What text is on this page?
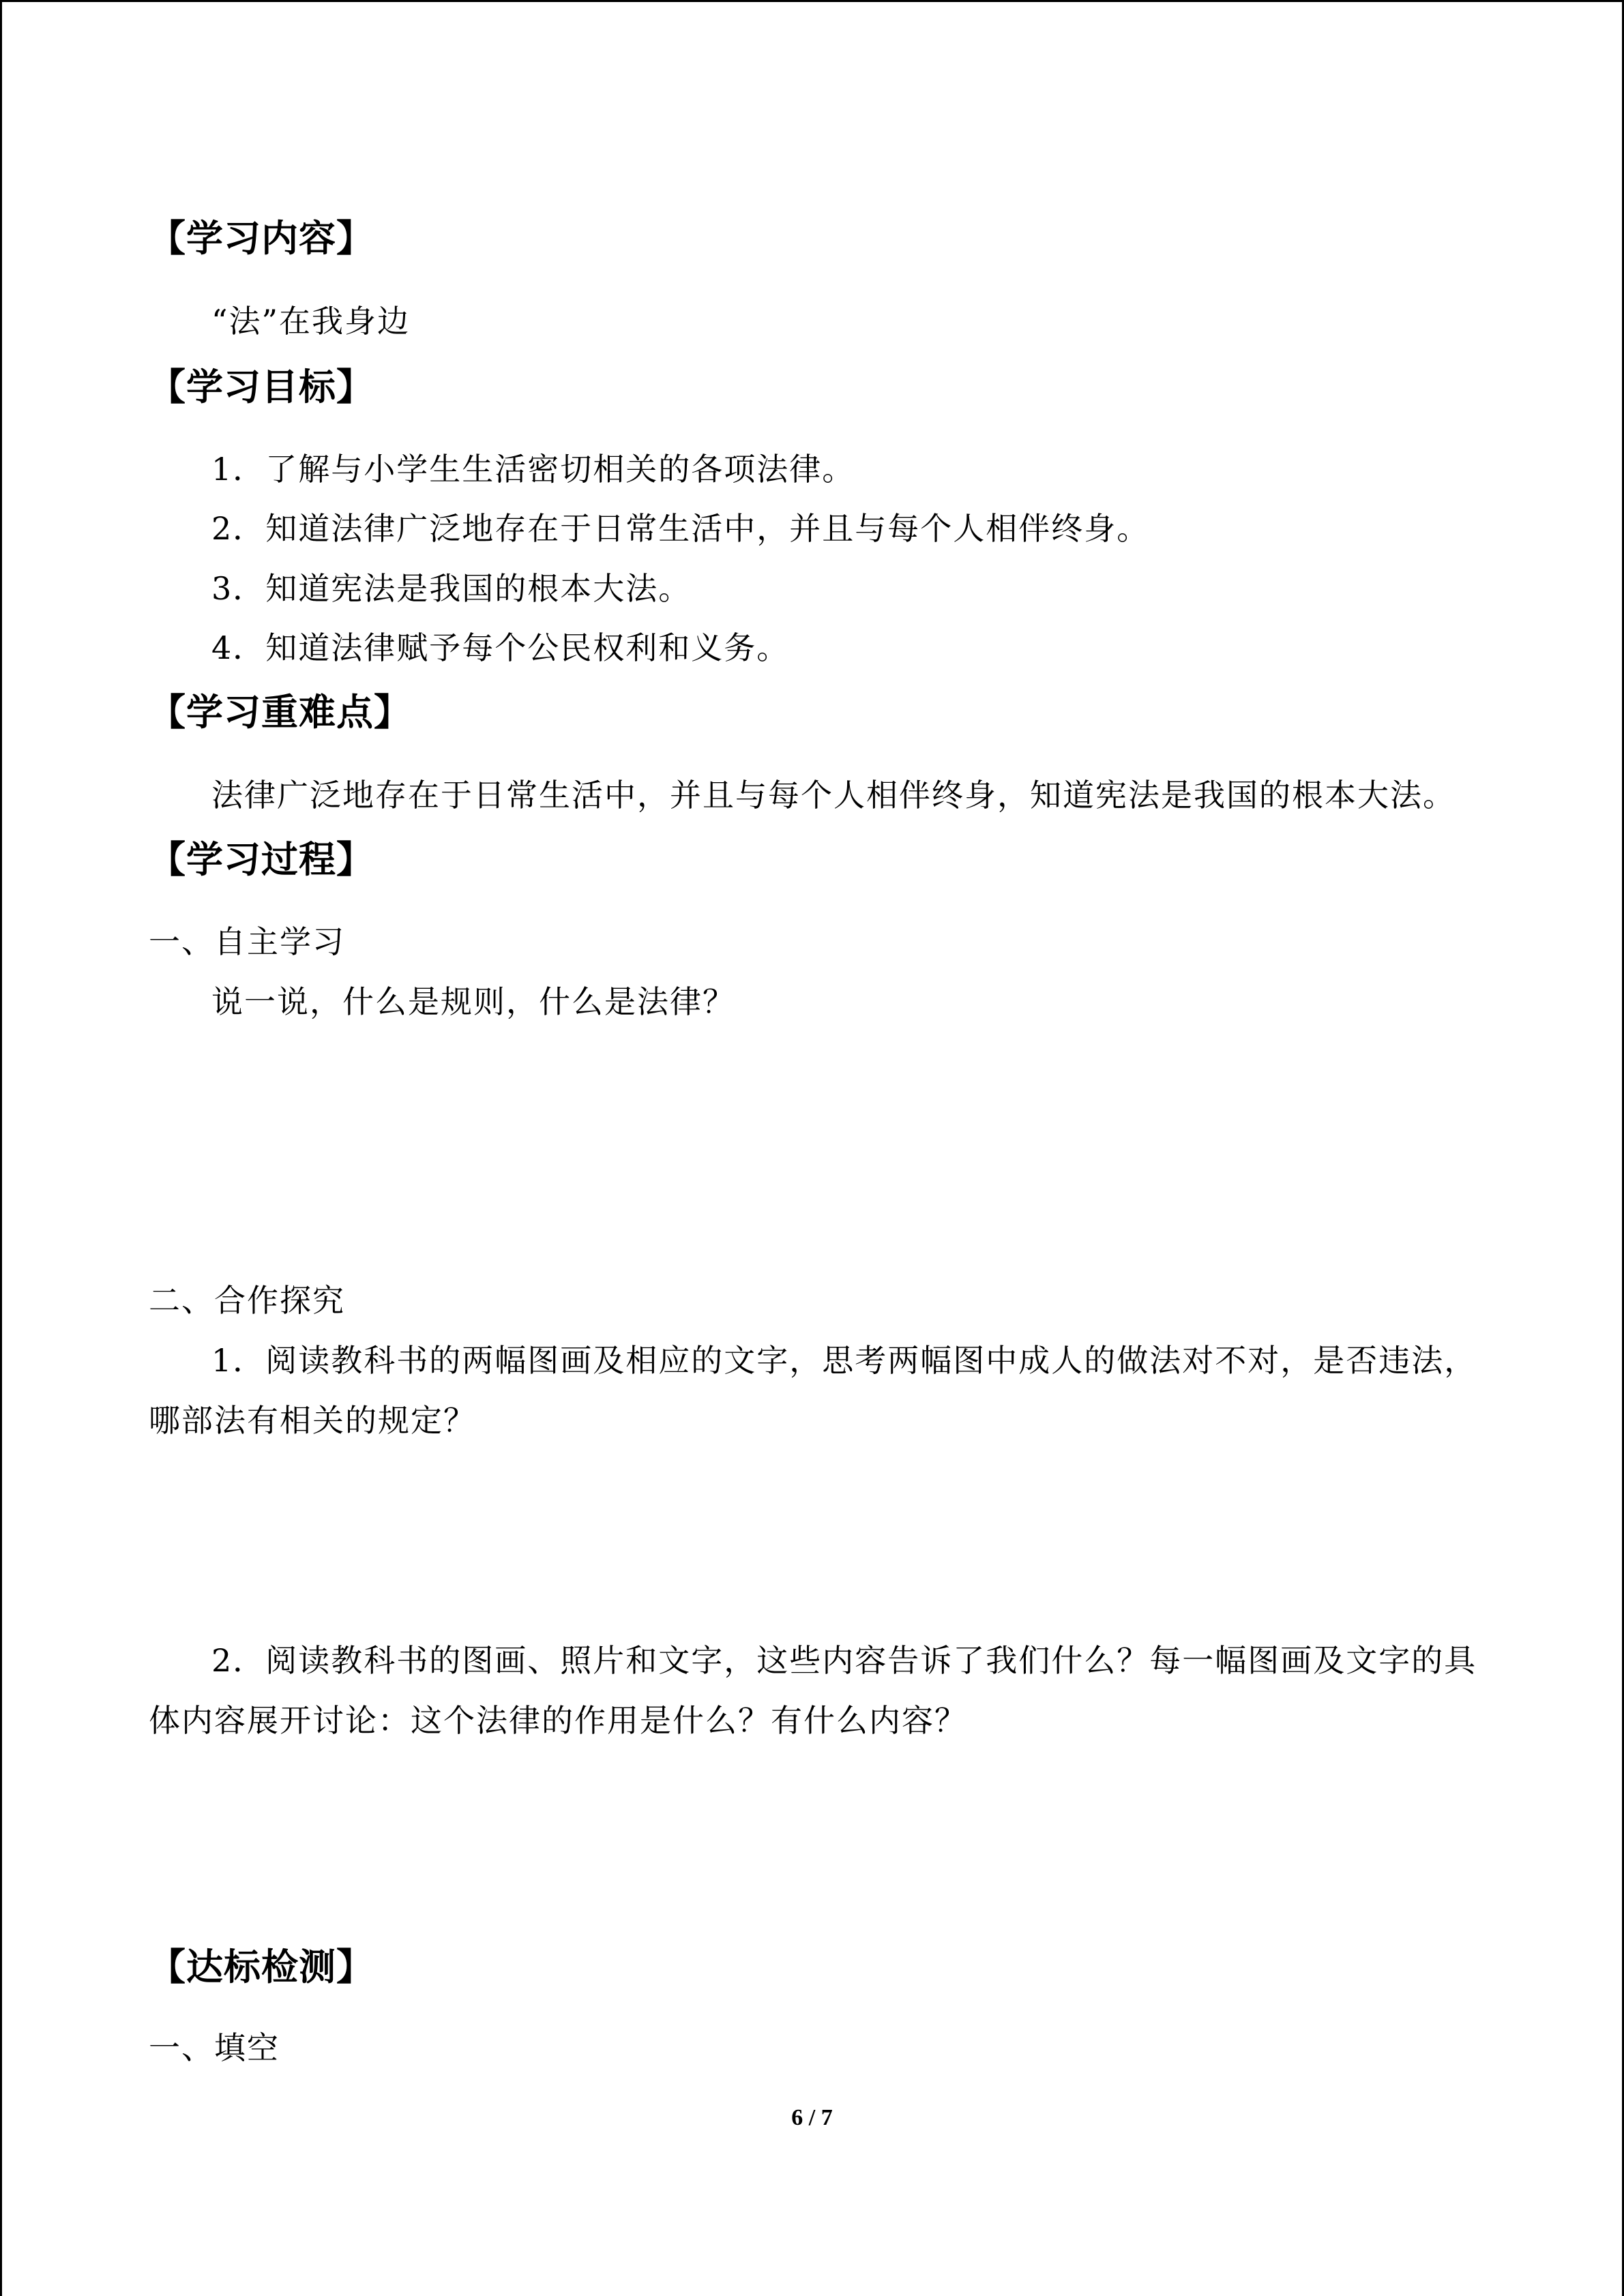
【学习内容】
“法”在我身边
【学习目标】
1．了解与小学生生活密切相关的各项法律。
2．知道法律广泛地存在于日常生活中，并且与每个人相伴终身。
3．知道宪法是我国的根本大法。
4．知道法律赋予每个公民权利和义务。
【学习重难点】
法律广泛地存在于日常生活中，并且与每个人相伴终身，知道宪法是我国的根本大法。
【学习过程】
一、自主学习
说一说，什么是规则，什么是法律？
二、合作探究
1．阅读教科书的两幅图画及相应的文字，思考两幅图中成人的做法对不对，是否违法，
哪部法有相关的规定？
2．阅读教科书的图画、照片和文字，这些内容告诉了我们什么？每一幅图画及文字的具
体内容展开讨论：这个法律的作用是什么？有什么内容？
【达标检测】
一、填空
6 / 7
